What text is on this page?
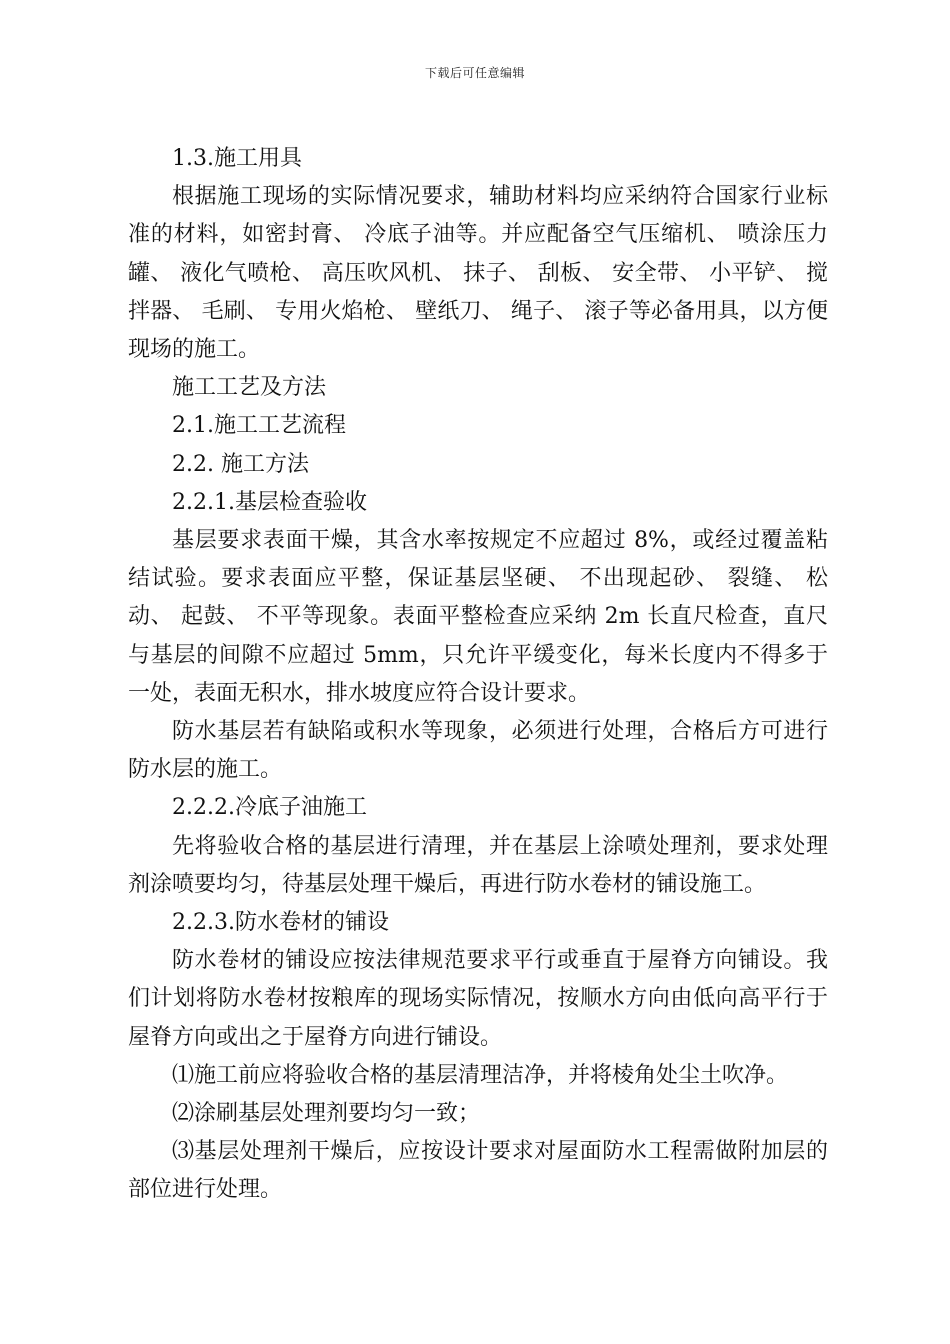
下载后可任意编辑

1.3.施工用具

根据施工现场的实际情况要求，辅助材料均应采纳符合国家行业标准的材料，如密封膏、 冷底子油等。并应配备空气压缩机、 喷涂压力罐、 液化气喷枪、 高压吹风机、 抹子、 刮板、 安全带、 小平铲、 搅拌器、 毛刷、 专用火焰枪、 壁纸刀、 绳子、 滚子等必备用具，以方便现场的施工。

施工工艺及方法

2.1.施工工艺流程

2.2. 施工方法

2.2.1.基层检查验收

基层要求表面干燥，其含水率按规定不应超过 8%，或经过覆盖粘结试验。要求表面应平整，保证基层坚硬、 不出现起砂、 裂缝、 松动、 起鼓、 不平等现象。表面平整检查应采纳 2m 长直尺检查，直尺与基层的间隙不应超过 5mm，只允许平缓变化，每米长度内不得多于一处，表面无积水，排水坡度应符合设计要求。

防水基层若有缺陷或积水等现象，必须进行处理，合格后方可进行防水层的施工。

2.2.2.冷底子油施工

先将验收合格的基层进行清理，并在基层上涂喷处理剂，要求处理剂涂喷要均匀，待基层处理干燥后，再进行防水卷材的铺设施工。

2.2.3.防水卷材的铺设

防水卷材的铺设应按法律规范要求平行或垂直于屋脊方向铺设。我们计划将防水卷材按粮库的现场实际情况，按顺水方向由低向高平行于屋脊方向或出之于屋脊方向进行铺设。

⑴施工前应将验收合格的基层清理洁净，并将棱角处尘土吹净。

⑵涂刷基层处理剂要均匀一致；

⑶基层处理剂干燥后，应按设计要求对屋面防水工程需做附加层的部位进行处理。
